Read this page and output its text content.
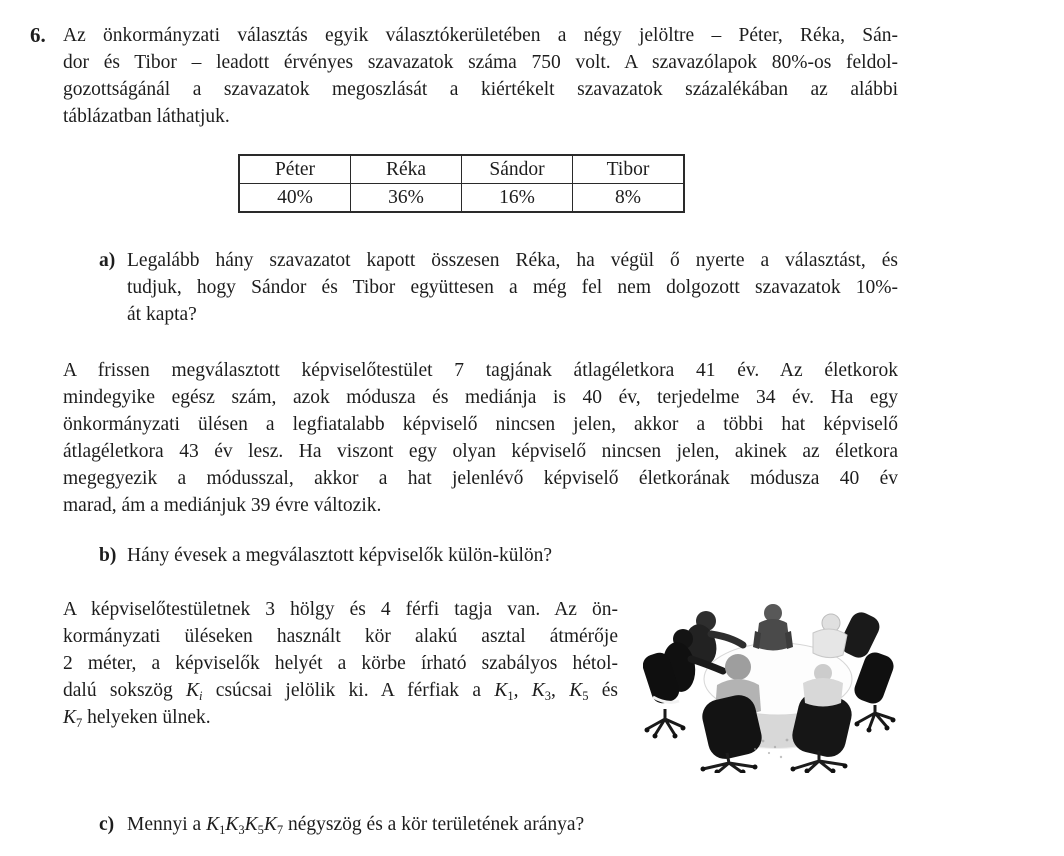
6. Az önkormányzati választás egyik választókerületében a négy jelöltre – Péter, Réka, Sán-
dor és Tibor – leadott érvényes szavazatok száma 750 volt. A szavazólapok 80%-os feldol-
gozottságánál a szavazatok megoszlását a kiértékelt szavazatok százalékában az alábbi
táblázatban láthatjuk.
Péter	Réka	Sándor	Tibor
40%	36%	16%	8%
a) Legalább hány szavazatot kapott összesen Réka, ha végül ő nyerte a választást, és
tudjuk, hogy Sándor és Tibor együttesen a még fel nem dolgozott szavazatok 10%-
át kapta?
A frissen megválasztott képviselőtestület 7 tagjának átlagéletkora 41 év. Az életkorok
mindegyike egész szám, azok módusza és mediánja is 40 év, terjedelme 34 év. Ha egy
önkormányzati ülésen a legfiatalabb képviselő nincsen jelen, akkor a többi hat képviselő
átlagéletkora 43 év lesz. Ha viszont egy olyan képviselő nincsen jelen, akinek az életkora
megegyezik a módusszal, akkor a hat jelenlévő képviselő életkorának módusza 40 év
marad, ám a mediánjuk 39 évre változik.
b) Hány évesek a megválasztott képviselők külön-külön?
A képviselőtestületnek 3 hölgy és 4 férfi tagja van. Az ön-
kormányzati üléseken használt kör alakú asztal átmérője
2 méter, a képviselők helyét a körbe írható szabályos hétol-
dalú sokszög $K_i$ csúcsai jelölik ki. A férfiak a $K_1$, $K_3$, $K_5$ és
$K_7$ helyeken ülnek.
c) Mennyi a $K_1K_3K_5K_7$ négyszög és a kör területének aránya?
